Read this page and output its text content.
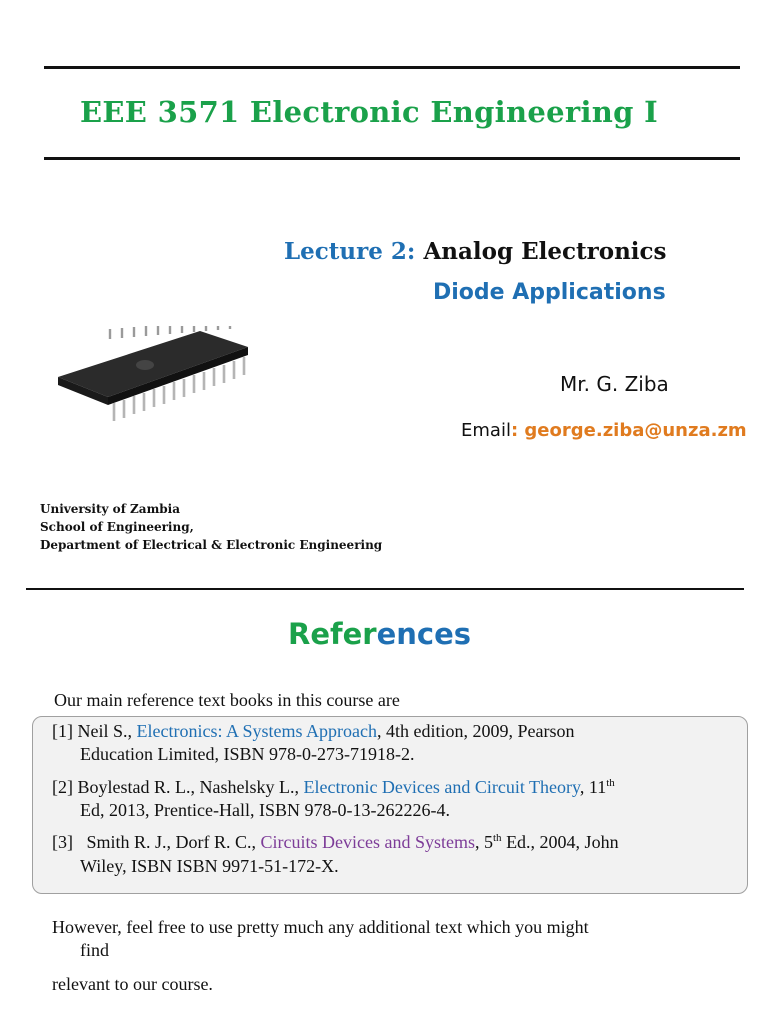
EEE 3571 Electronic Engineering I
Lecture 2: Analog Electronics
Diode Applications
Mr. G. Ziba
Email: george.ziba@unza.zm
University of Zambia
School of Engineering,
Department of Electrical & Electronic Engineering
References
Our main reference text books in this course are
[1] Neil S., Electronics: A Systems Approach, 4th edition, 2009, Pearson
Education Limited, ISBN 978-0-273-71918-2.
[2] Boylestad R. L., Nashelsky L., Electronic Devices and Circuit Theory, 11th
Ed, 2013, Prentice-Hall, ISBN 978-0-13-262226-4.
[3]   Smith R. J., Dorf R. C., Circuits Devices and Systems, 5th Ed., 2004, John
Wiley, ISBN ISBN 9971-51-172-X.
However, feel free to use pretty much any additional text which you might
find
relevant to our course.
